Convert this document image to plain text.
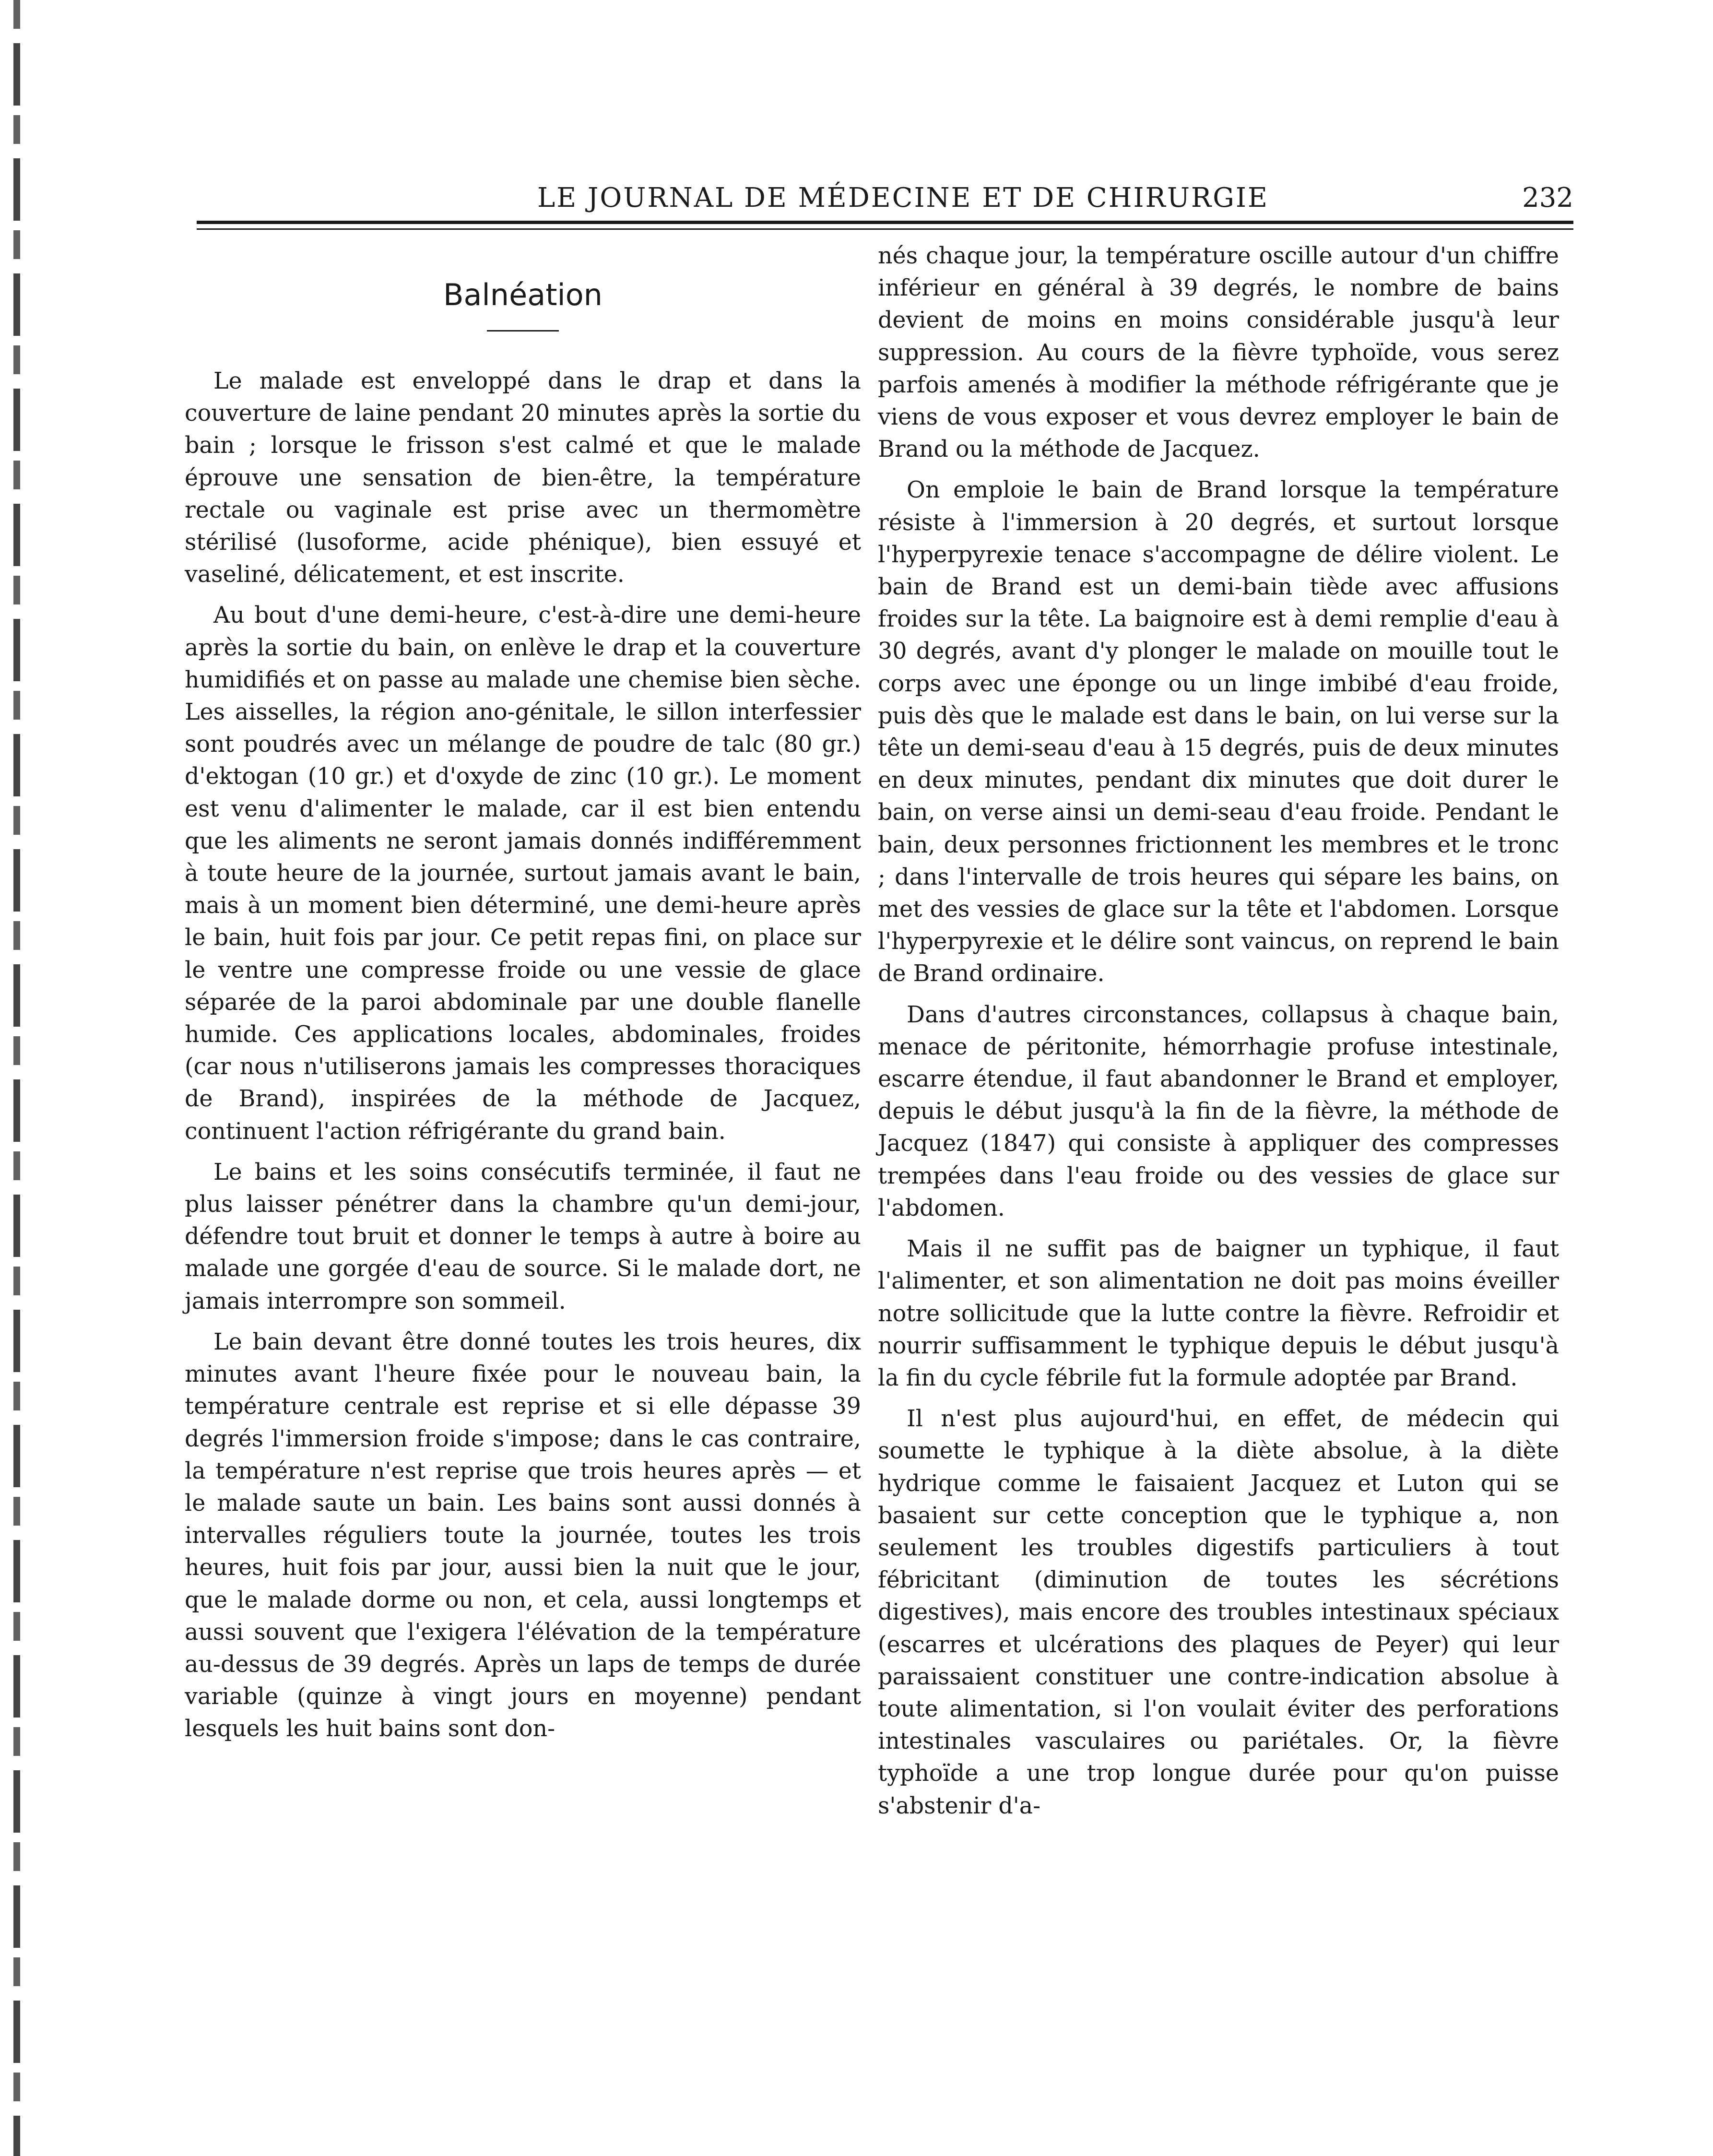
LE JOURNAL DE MÉDECINE ET DE CHIRURGIE	232
Balnéation

Le malade est enveloppé dans le drap et dans la couverture de laine pendant 20 minutes après la sortie du bain ; lorsque le frisson s'est calmé et que le malade éprouve une sensation de bien-être, la température rectale ou vaginale est prise avec un thermomètre stérilisé (lusoforme, acide phénique), bien essuyé et vaseliné, délicatement, et est inscrite.

Au bout d'une demi-heure, c'est-à-dire une demi-heure après la sortie du bain, on enlève le drap et la couverture humidifiés et on passe au malade une chemise bien sèche. Les aisselles, la région ano-génitale, le sillon interfessier sont poudrés avec un mélange de poudre de talc (80 gr.) d'ektogan (10 gr.) et d'oxyde de zinc (10 gr.). Le moment est venu d'alimenter le malade, car il est bien entendu que les aliments ne seront jamais donnés indifféremment à toute heure de la journée, surtout jamais avant le bain, mais à un moment bien déterminé, une demi-heure après le bain, huit fois par jour. Ce petit repas fini, on place sur le ventre une compresse froide ou une vessie de glace séparée de la paroi abdominale par une double flanelle humide. Ces applications locales, abdominales, froides (car nous n'utiliserons jamais les compresses thoraciques de Brand), inspirées de la méthode de Jacquez, continuent l'action réfrigérante du grand bain.

Le bains et les soins consécutifs terminée, il faut ne plus laisser pénétrer dans la chambre qu'un demi-jour, défendre tout bruit et donner le temps à autre à boire au malade une gorgée d'eau de source. Si le malade dort, ne jamais interrompre son sommeil.

Le bain devant être donné toutes les trois heures, dix minutes avant l'heure fixée pour le nouveau bain, la température centrale est reprise et si elle dépasse 39 degrés l'immersion froide s'impose; dans le cas contraire, la température n'est reprise que trois heures après — et le malade saute un bain. Les bains sont aussi donnés à intervalles réguliers toute la journée, toutes les trois heures, huit fois par jour, aussi bien la nuit que le jour, que le malade dorme ou non, et cela, aussi longtemps et aussi souvent que l'exigera l'élévation de la température au-dessus de 39 degrés. Après un laps de temps de durée variable (quinze à vingt jours en moyenne) pendant lesquels les huit bains sont don-

nés chaque jour, la température oscille autour d'un chiffre inférieur en général à 39 degrés, le nombre de bains devient de moins en moins considérable jusqu'à leur suppression. Au cours de la fièvre typhoïde, vous serez parfois amenés à modifier la méthode réfrigérante que je viens de vous exposer et vous devrez employer le bain de Brand ou la méthode de Jacquez.

On emploie le bain de Brand lorsque la température résiste à l'immersion à 20 degrés, et surtout lorsque l'hyperpyrexie tenace s'accompagne de délire violent. Le bain de Brand est un demi-bain tiède avec affusions froides sur la tête. La baignoire est à demi remplie d'eau à 30 degrés, avant d'y plonger le malade on mouille tout le corps avec une éponge ou un linge imbibé d'eau froide, puis dès que le malade est dans le bain, on lui verse sur la tête un demi-seau d'eau à 15 degrés, puis de deux minutes en deux minutes, pendant dix minutes que doit durer le bain, on verse ainsi un demi-seau d'eau froide. Pendant le bain, deux personnes frictionnent les membres et le tronc ; dans l'intervalle de trois heures qui sépare les bains, on met des vessies de glace sur la tête et l'abdomen. Lorsque l'hyperpyrexie et le délire sont vaincus, on reprend le bain de Brand ordinaire.

Dans d'autres circonstances, collapsus à chaque bain, menace de péritonite, hémorrhagie profuse intestinale, escarre étendue, il faut abandonner le Brand et employer, depuis le début jusqu'à la fin de la fièvre, la méthode de Jacquez (1847) qui consiste à appliquer des compresses trempées dans l'eau froide ou des vessies de glace sur l'abdomen.

Mais il ne suffit pas de baigner un typhique, il faut l'alimenter, et son alimentation ne doit pas moins éveiller notre sollicitude que la lutte contre la fièvre. Refroidir et nourrir suffisamment le typhique depuis le début jusqu'à la fin du cycle fébrile fut la formule adoptée par Brand.

Il n'est plus aujourd'hui, en effet, de médecin qui soumette le typhique à la diète absolue, à la diète hydrique comme le faisaient Jacquez et Luton qui se basaient sur cette conception que le typhique a, non seulement les troubles digestifs particuliers à tout fébricitant (diminution de toutes les sécrétions digestives), mais encore des troubles intestinaux spéciaux (escarres et ulcérations des plaques de Peyer) qui leur paraissaient constituer une contre-indication absolue à toute alimentation, si l'on voulait éviter des perforations intestinales vasculaires ou pariétales. Or, la fièvre typhoïde a une trop longue durée pour qu'on puisse s'abstenir d'a-
